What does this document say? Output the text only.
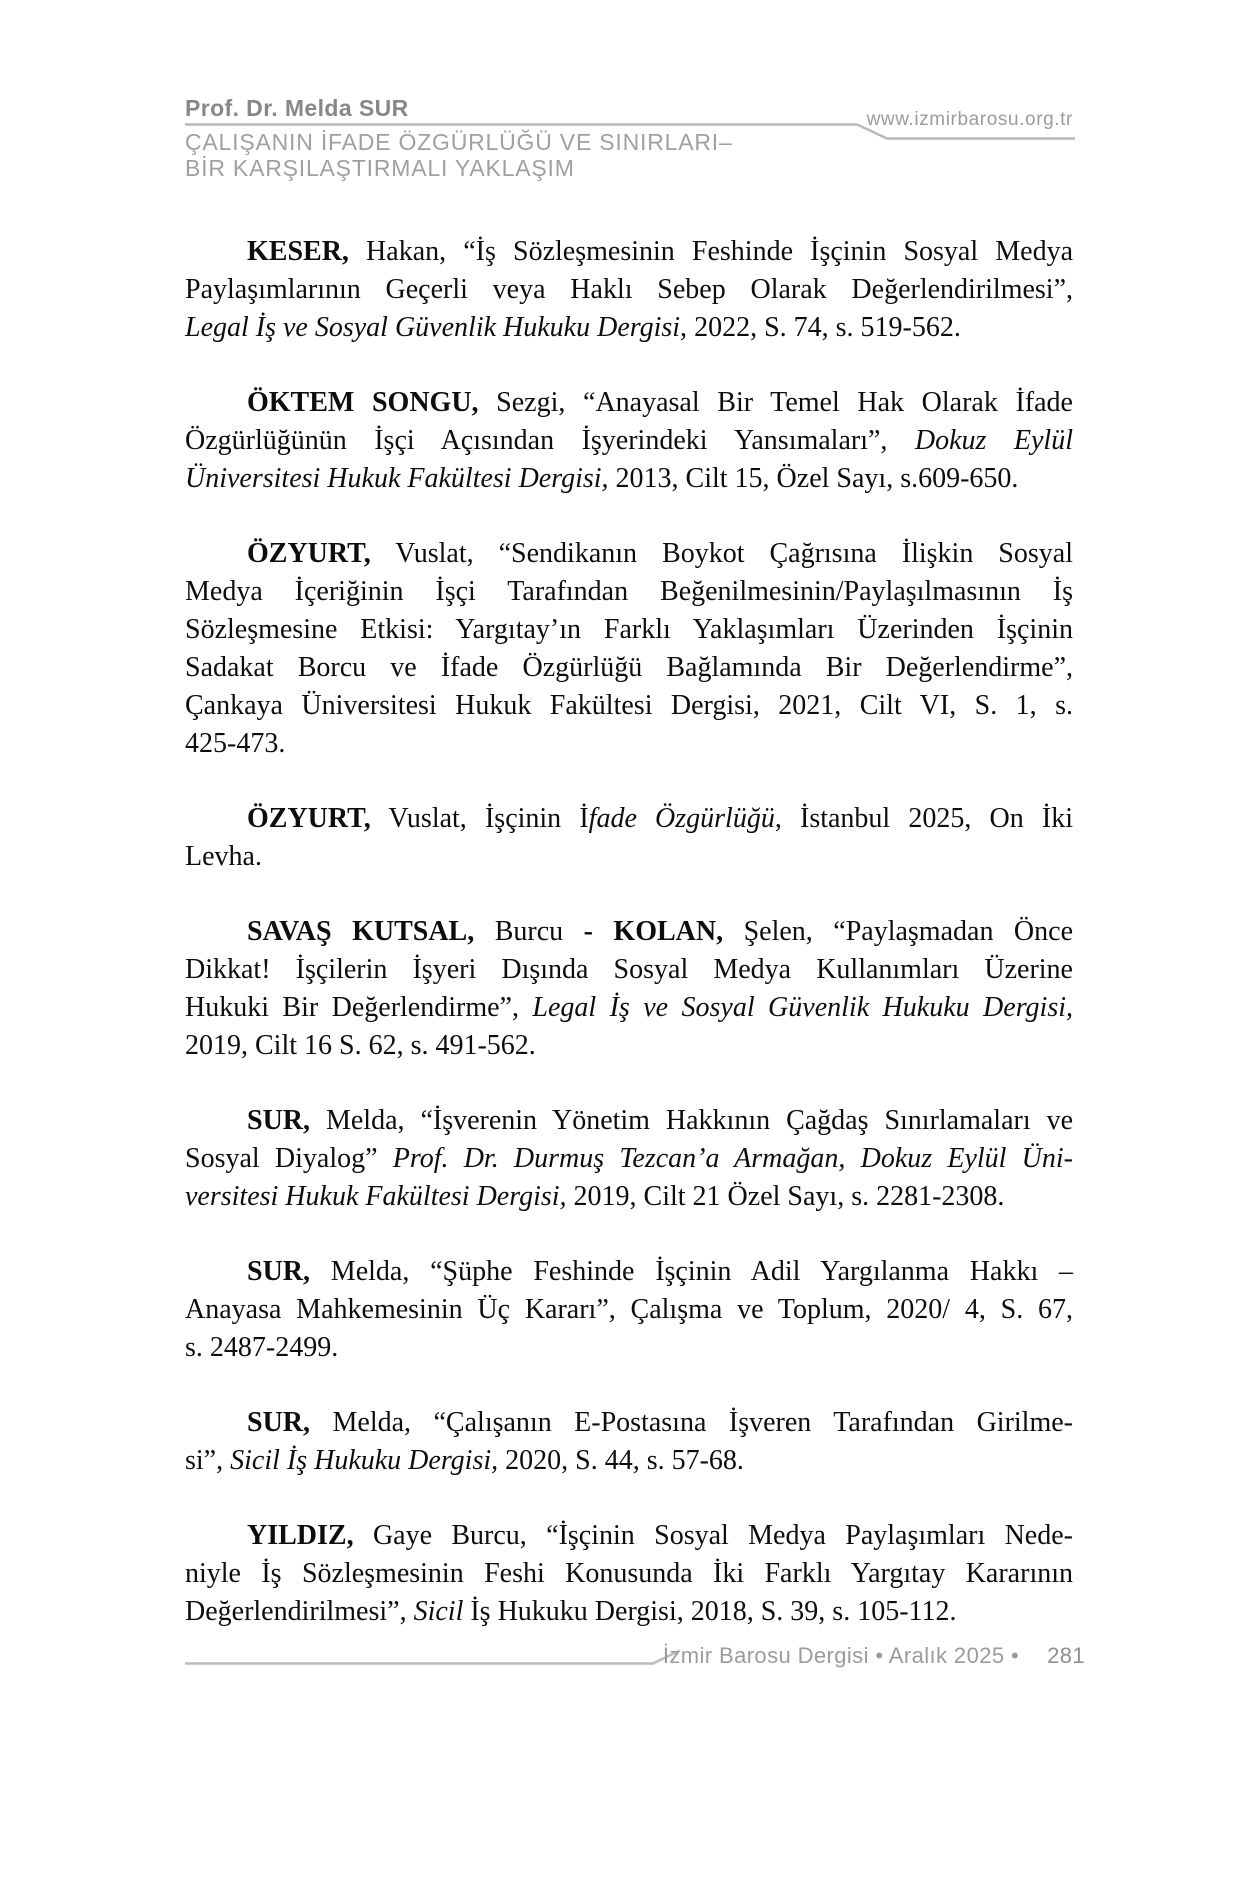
Prof. Dr. Melda SUR	www.izmirbarosu.org.tr
ÇALIŞANIN İFADE ÖZGÜRLÜĞÜ VE SINIRLARI–
BİR KARŞILAŞTIRMALI YAKLAŞIM
KESER, Hakan, “İş Sözleşmesinin Feshinde İşçinin Sosyal Medya
Paylaşımlarının Geçerli veya Haklı Sebep Olarak Değerlendirilmesi”,
Legal İş ve Sosyal Güvenlik Hukuku Dergisi, 2022, S. 74, s. 519-562.
ÖKTEM SONGU, Sezgi, “Anayasal Bir Temel Hak Olarak İfade
Özgürlüğünün İşçi Açısından İşyerindeki Yansımaları”, Dokuz Eylül
Üniversitesi Hukuk Fakültesi Dergisi, 2013, Cilt 15, Özel Sayı, s.609-650.
ÖZYURT, Vuslat, “Sendikanın Boykot Çağrısına İlişkin Sosyal
Medya İçeriğinin İşçi Tarafından Beğenilmesinin/Paylaşılmasının İş
Sözleşmesine Etkisi: Yargıtay’ın Farklı Yaklaşımları Üzerinden İşçinin
Sadakat Borcu ve İfade Özgürlüğü Bağlamında Bir Değerlendirme”,
Çankaya Üniversitesi Hukuk Fakültesi Dergisi, 2021, Cilt VI, S. 1, s.
425-473.
ÖZYURT, Vuslat, İşçinin İfade Özgürlüğü, İstanbul 2025, On İki
Levha.
SAVAŞ KUTSAL, Burcu - KOLAN, Şelen, “Paylaşmadan Önce
Dikkat! İşçilerin İşyeri Dışında Sosyal Medya Kullanımları Üzerine
Hukuki Bir Değerlendirme”, Legal İş ve Sosyal Güvenlik Hukuku Dergisi,
2019, Cilt 16 S. 62, s. 491-562.
SUR, Melda, “İşverenin Yönetim Hakkının Çağdaş Sınırlamaları ve
Sosyal Diyalog” Prof. Dr. Durmuş Tezcan’a Armağan, Dokuz Eylül Üni-
versitesi Hukuk Fakültesi Dergisi, 2019, Cilt 21 Özel Sayı, s. 2281-2308.
SUR, Melda, “Şüphe Feshinde İşçinin Adil Yargılanma Hakkı –
Anayasa Mahkemesinin Üç Kararı”, Çalışma ve Toplum, 2020/ 4, S. 67,
s. 2487-2499.
SUR, Melda, “Çalışanın E-Postasına İşveren Tarafından Girilme-
si”, Sicil İş Hukuku Dergisi, 2020, S. 44, s. 57-68.
YILDIZ, Gaye Burcu, “İşçinin Sosyal Medya Paylaşımları Nede-
niyle İş Sözleşmesinin Feshi Konusunda İki Farklı Yargıtay Kararının
Değerlendirilmesi”, Sicil İş Hukuku Dergisi, 2018, S. 39, s. 105-112.
İzmir Barosu Dergisi • Aralık 2025 • 281
